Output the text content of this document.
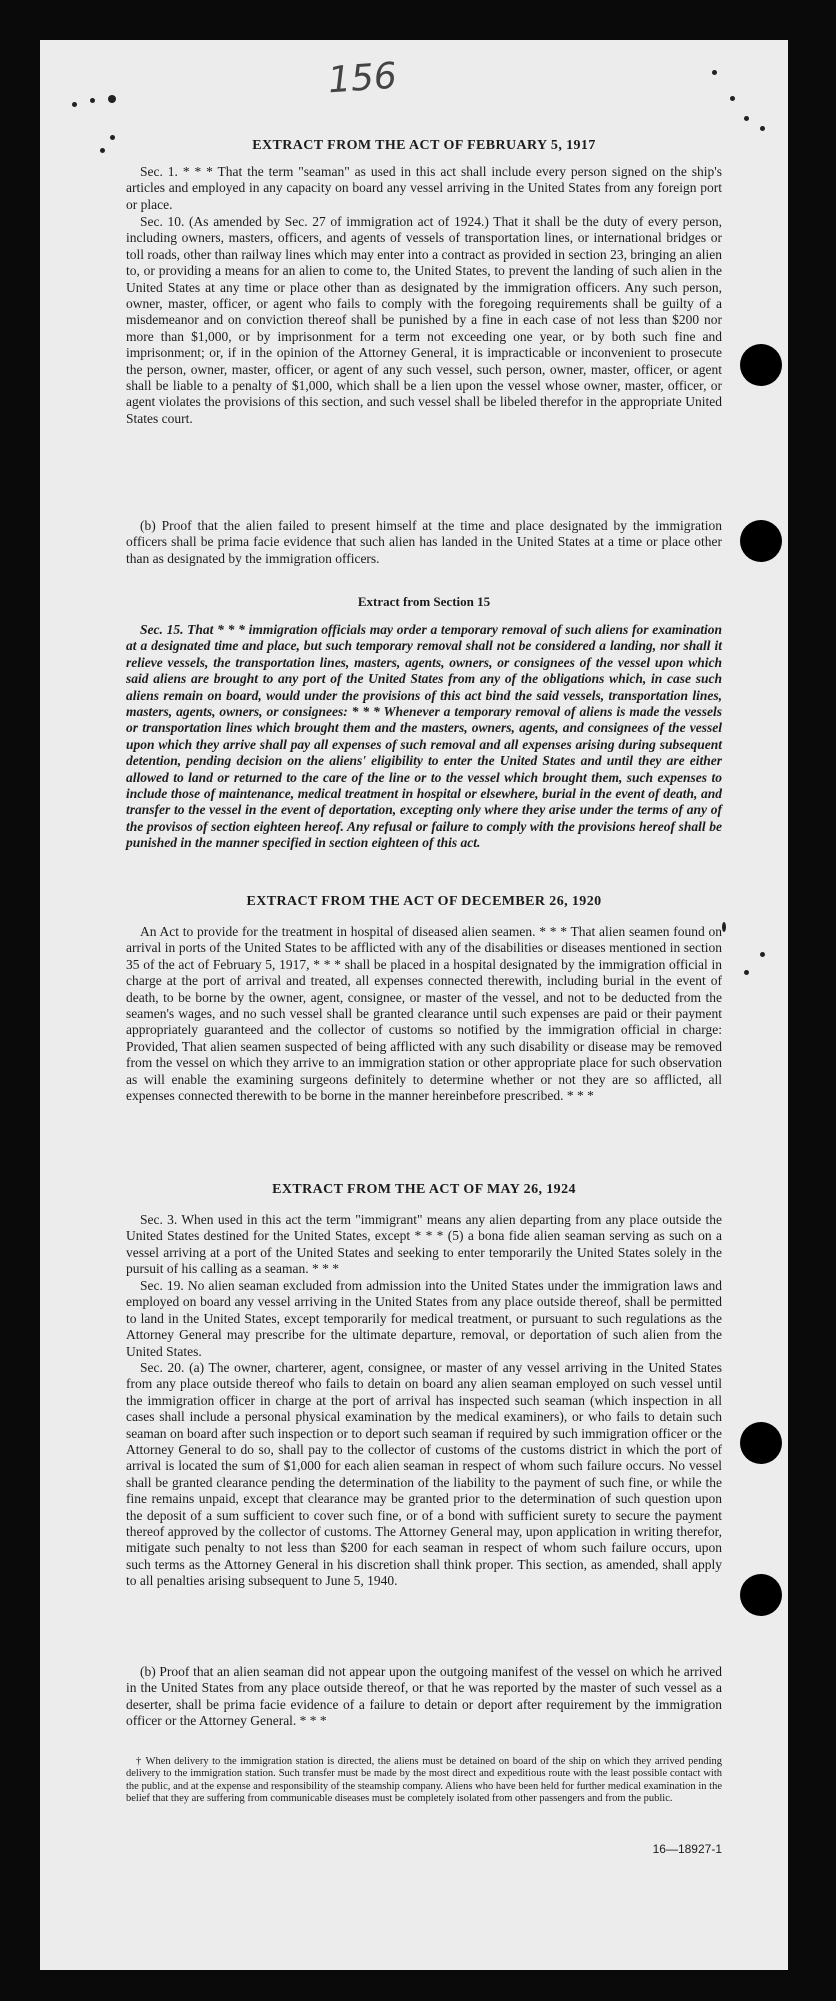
156
EXTRACT FROM THE ACT OF FEBRUARY 5, 1917

Sec. 1. * * * That the term "seaman" as used in this act shall include every person signed on the ship's articles and employed in any capacity on board any vessel arriving in the United States from any foreign port or place.

Sec. 10. (As amended by Sec. 27 of immigration act of 1924.) That it shall be the duty of every person, including owners, masters, officers, and agents of vessels of transportation lines, or international bridges or toll roads, other than railway lines which may enter into a contract as provided in section 23, bringing an alien to, or providing a means for an alien to come to, the United States, to prevent the landing of such alien in the United States at any time or place other than as designated by the immigration officers. Any such person, owner, master, officer, or agent who fails to comply with the foregoing requirements shall be guilty of a misdemeanor and on conviction thereof shall be punished by a fine in each case of not less than $200 nor more than $1,000, or by imprisonment for a term not exceeding one year, or by both such fine and imprisonment; or, if in the opinion of the Attorney General, it is impracticable or inconvenient to prosecute the person, owner, master, officer, or agent of any such vessel, such person, owner, master, officer, or agent shall be liable to a penalty of $1,000, which shall be a lien upon the vessel whose owner, master, officer, or agent violates the provisions of this section, and such vessel shall be libeled therefor in the appropriate United States court.

(b) Proof that the alien failed to present himself at the time and place designated by the immigration officers shall be prima facie evidence that such alien has landed in the United States at a time or place other than as designated by the immigration officers.

Extract from Section 15

Sec. 15. That * * * immigration officials may order a temporary removal of such aliens for examination at a designated time and place, but such temporary removal shall not be considered a landing, nor shall it relieve vessels, the transportation lines, masters, agents, owners, or consignees of the vessel upon which said aliens are brought to any port of the United States from any of the obligations which, in case such aliens remain on board, would under the provisions of this act bind the said vessels, transportation lines, masters, agents, owners, or consignees: * * * Whenever a temporary removal of aliens is made the vessels or transportation lines which brought them and the masters, owners, agents, and consignees of the vessel upon which they arrive shall pay all expenses of such removal and all expenses arising during subsequent detention, pending decision on the aliens' eligibility to enter the United States and until they are either allowed to land or returned to the care of the line or to the vessel which brought them, such expenses to include those of maintenance, medical treatment in hospital or elsewhere, burial in the event of death, and transfer to the vessel in the event of deportation, excepting only where they arise under the terms of any of the provisos of section eighteen hereof. Any refusal or failure to comply with the provisions hereof shall be punished in the manner specified in section eighteen of this act.

EXTRACT FROM THE ACT OF DECEMBER 26, 1920

An Act to provide for the treatment in hospital of diseased alien seamen. * * * That alien seamen found on arrival in ports of the United States to be afflicted with any of the disabilities or diseases mentioned in section 35 of the act of February 5, 1917, * * * shall be placed in a hospital designated by the immigration official in charge at the port of arrival and treated, all expenses connected therewith, including burial in the event of death, to be borne by the owner, agent, consignee, or master of the vessel, and not to be deducted from the seamen's wages, and no such vessel shall be granted clearance until such expenses are paid or their payment appropriately guaranteed and the collector of customs so notified by the immigration official in charge: Provided, That alien seamen suspected of being afflicted with any such disability or disease may be removed from the vessel on which they arrive to an immigration station or other appropriate place for such observation as will enable the examining surgeons definitely to determine whether or not they are so afflicted, all expenses connected therewith to be borne in the manner hereinbefore prescribed. * * *

EXTRACT FROM THE ACT OF MAY 26, 1924

Sec. 3. When used in this act the term "immigrant" means any alien departing from any place outside the United States destined for the United States, except * * * (5) a bona fide alien seaman serving as such on a vessel arriving at a port of the United States and seeking to enter temporarily the United States solely in the pursuit of his calling as a seaman. * * *

Sec. 19. No alien seaman excluded from admission into the United States under the immigration laws and employed on board any vessel arriving in the United States from any place outside thereof, shall be permitted to land in the United States, except temporarily for medical treatment, or pursuant to such regulations as the Attorney General may prescribe for the ultimate departure, removal, or deportation of such alien from the United States.

Sec. 20. (a) The owner, charterer, agent, consignee, or master of any vessel arriving in the United States from any place outside thereof who fails to detain on board any alien seaman employed on such vessel until the immigration officer in charge at the port of arrival has inspected such seaman (which inspection in all cases shall include a personal physical examination by the medical examiners), or who fails to detain such seaman on board after such inspection or to deport such seaman if required by such immigration officer or the Attorney General to do so, shall pay to the collector of customs of the customs district in which the port of arrival is located the sum of $1,000 for each alien seaman in respect of whom such failure occurs. No vessel shall be granted clearance pending the determination of the liability to the payment of such fine, or while the fine remains unpaid, except that clearance may be granted prior to the determination of such question upon the deposit of a sum sufficient to cover such fine, or of a bond with sufficient surety to secure the payment thereof approved by the collector of customs. The Attorney General may, upon application in writing therefor, mitigate such penalty to not less than $200 for each seaman in respect of whom such failure occurs, upon such terms as the Attorney General in his discretion shall think proper. This section, as amended, shall apply to all penalties arising subsequent to June 5, 1940.

(b) Proof that an alien seaman did not appear upon the outgoing manifest of the vessel on which he arrived in the United States from any place outside thereof, or that he was reported by the master of such vessel as a deserter, shall be prima facie evidence of a failure to detain or deport after requirement by the immigration officer or the Attorney General. * * *

† When delivery to the immigration station is directed, the aliens must be detained on board of the ship on which they arrived pending delivery to the immigration station. Such transfer must be made by the most direct and expeditious route with the least possible contact with the public, and at the expense and responsibility of the steamship company. Aliens who have been held for further medical examination in the belief that they are suffering from communicable diseases must be completely isolated from other passengers and from the public.

16—18927-1
